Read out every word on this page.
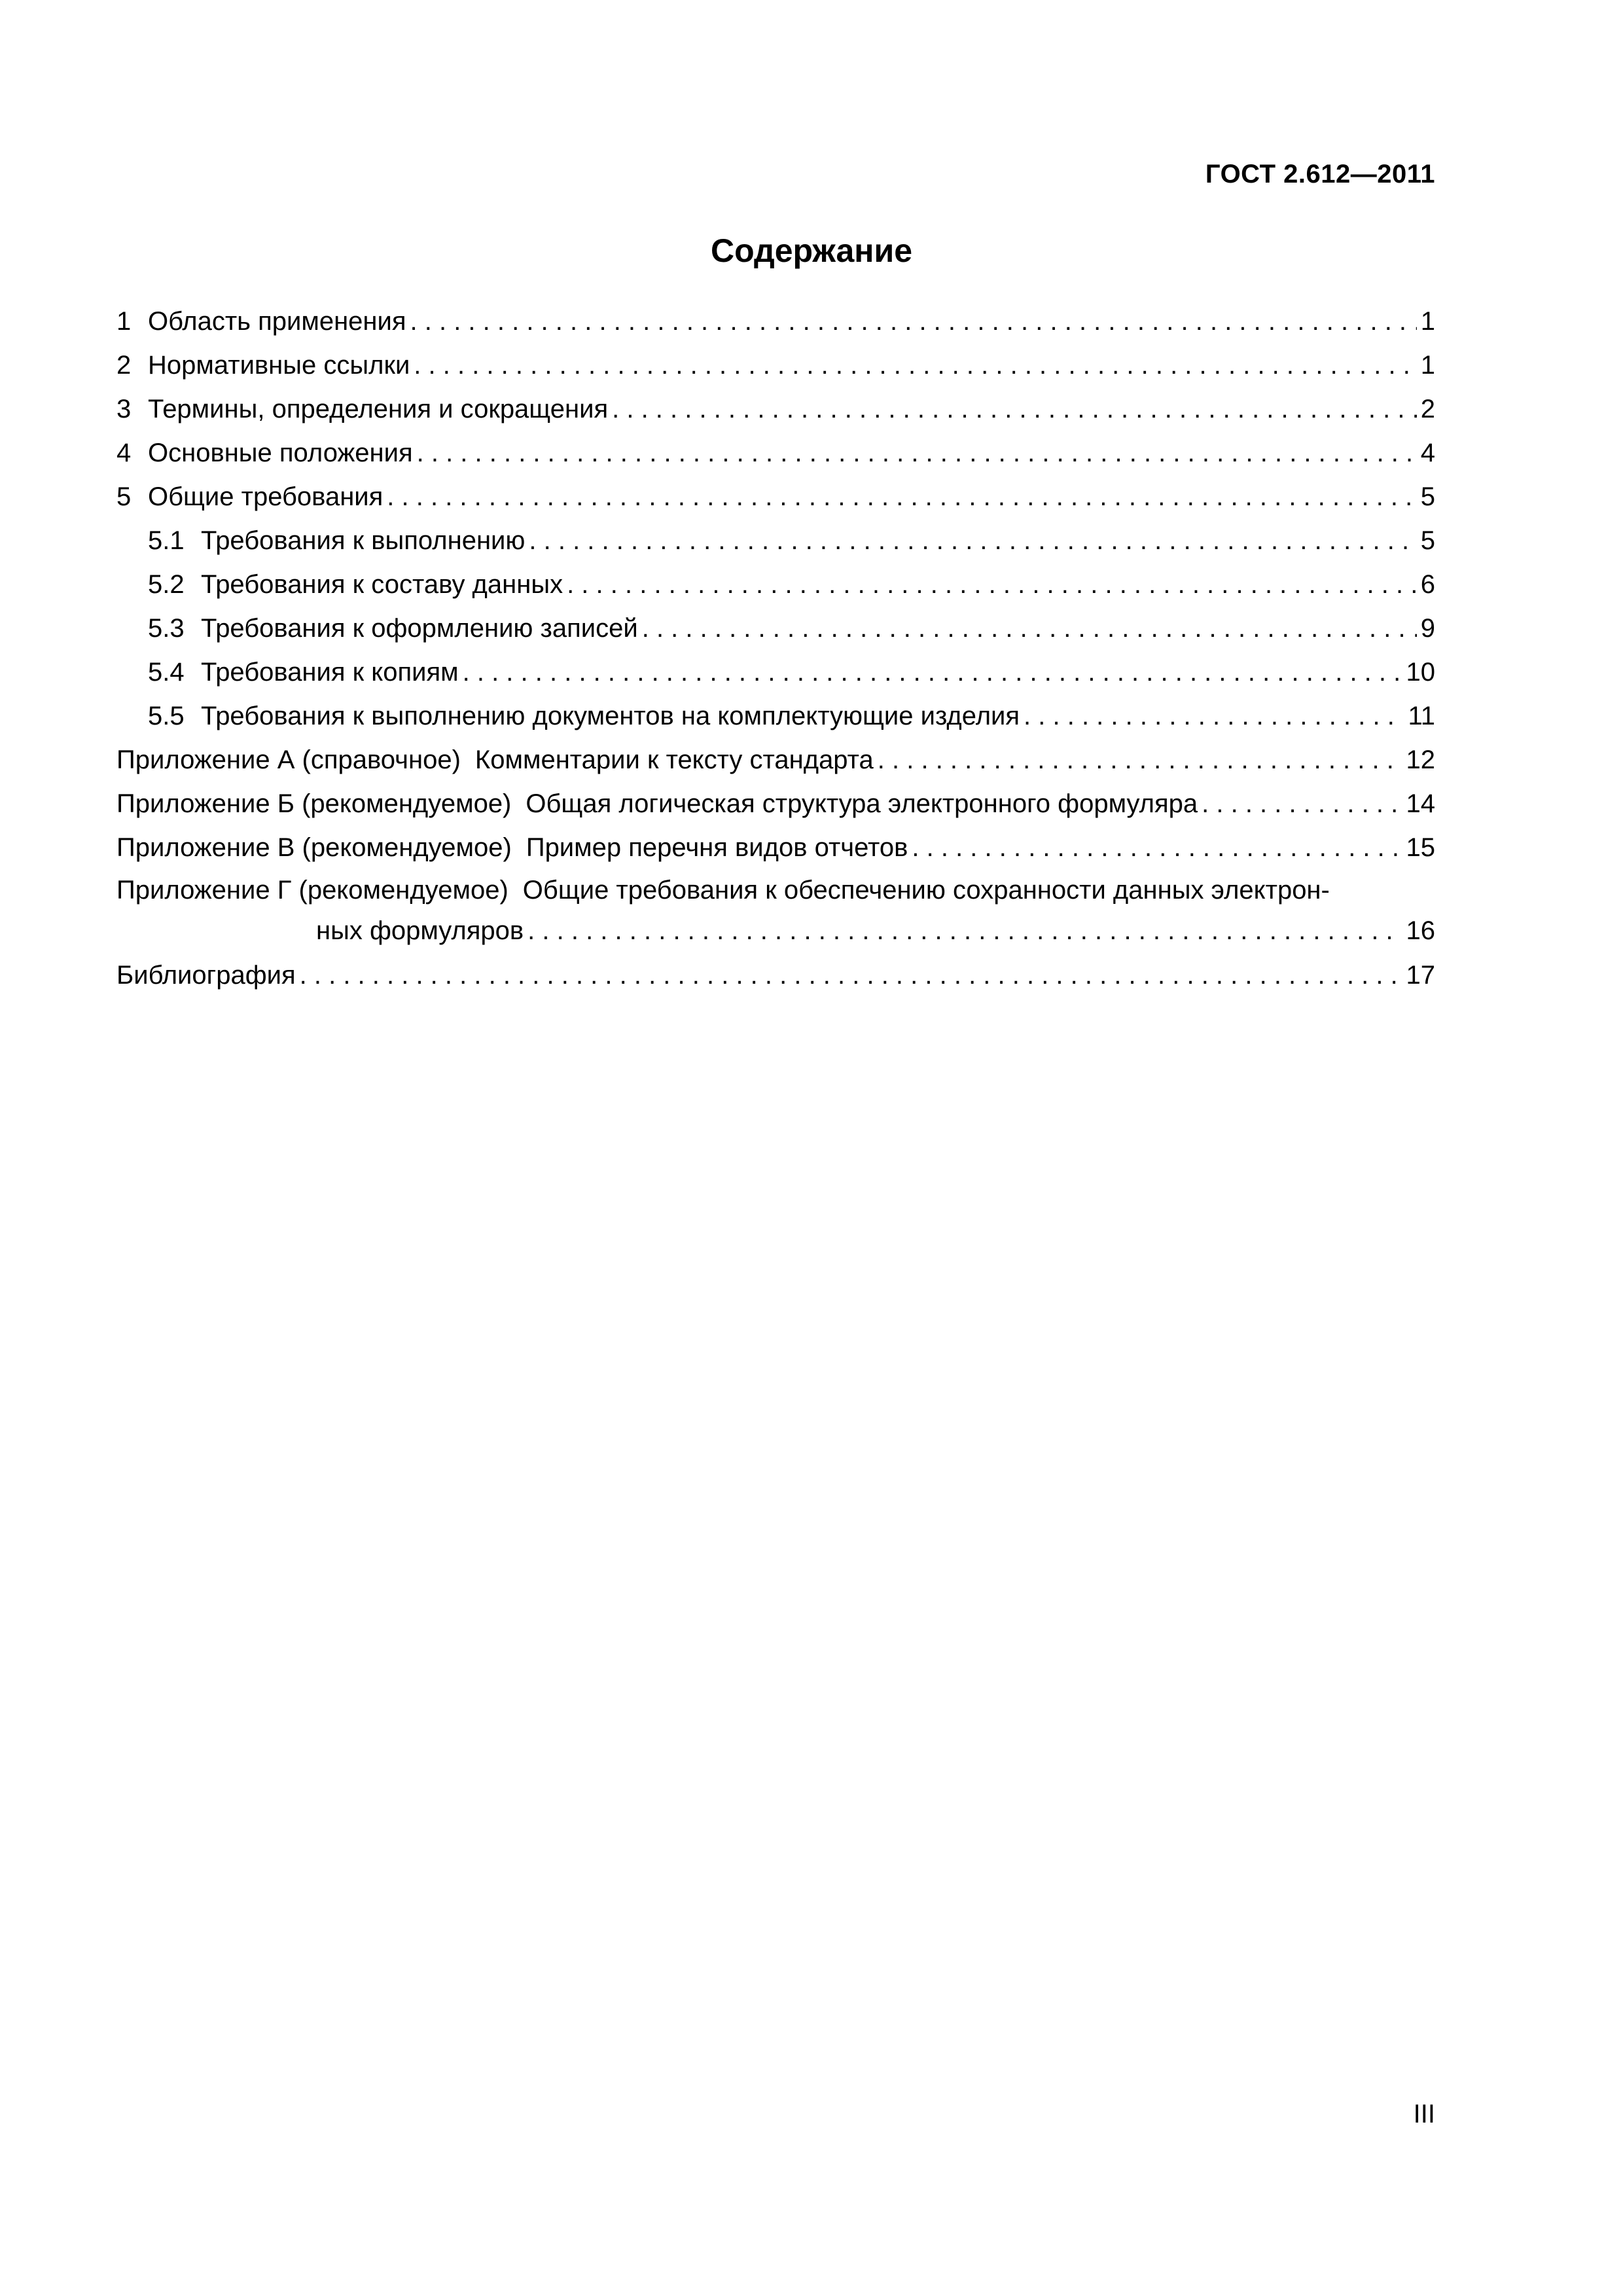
ГОСТ 2.612—2011
Содержание
1 Область применения . . .	1
2 Нормативные ссылки . . .	1
3 Термины, определения и сокращения . . .	2
4 Основные положения . . .	4
5 Общие требования . . .	5
5.1 Требования к выполнению . . .	5
5.2 Требования к составу данных . . .	6
5.3 Требования к оформлению записей . . .	9
5.4 Требования к копиям . . .	10
5.5 Требования к выполнению документов на комплектующие изделия . . .	11
Приложение А (справочное) Комментарии к тексту стандарта . . .	12
Приложение Б (рекомендуемое) Общая логическая структура электронного формуляра . . .	14
Приложение В (рекомендуемое) Пример перечня видов отчетов . . .	15
Приложение Г (рекомендуемое) Общие требования к обеспечению сохранности данных электрон-
ных формуляров . . .	16
Библиография . . .	17
III
